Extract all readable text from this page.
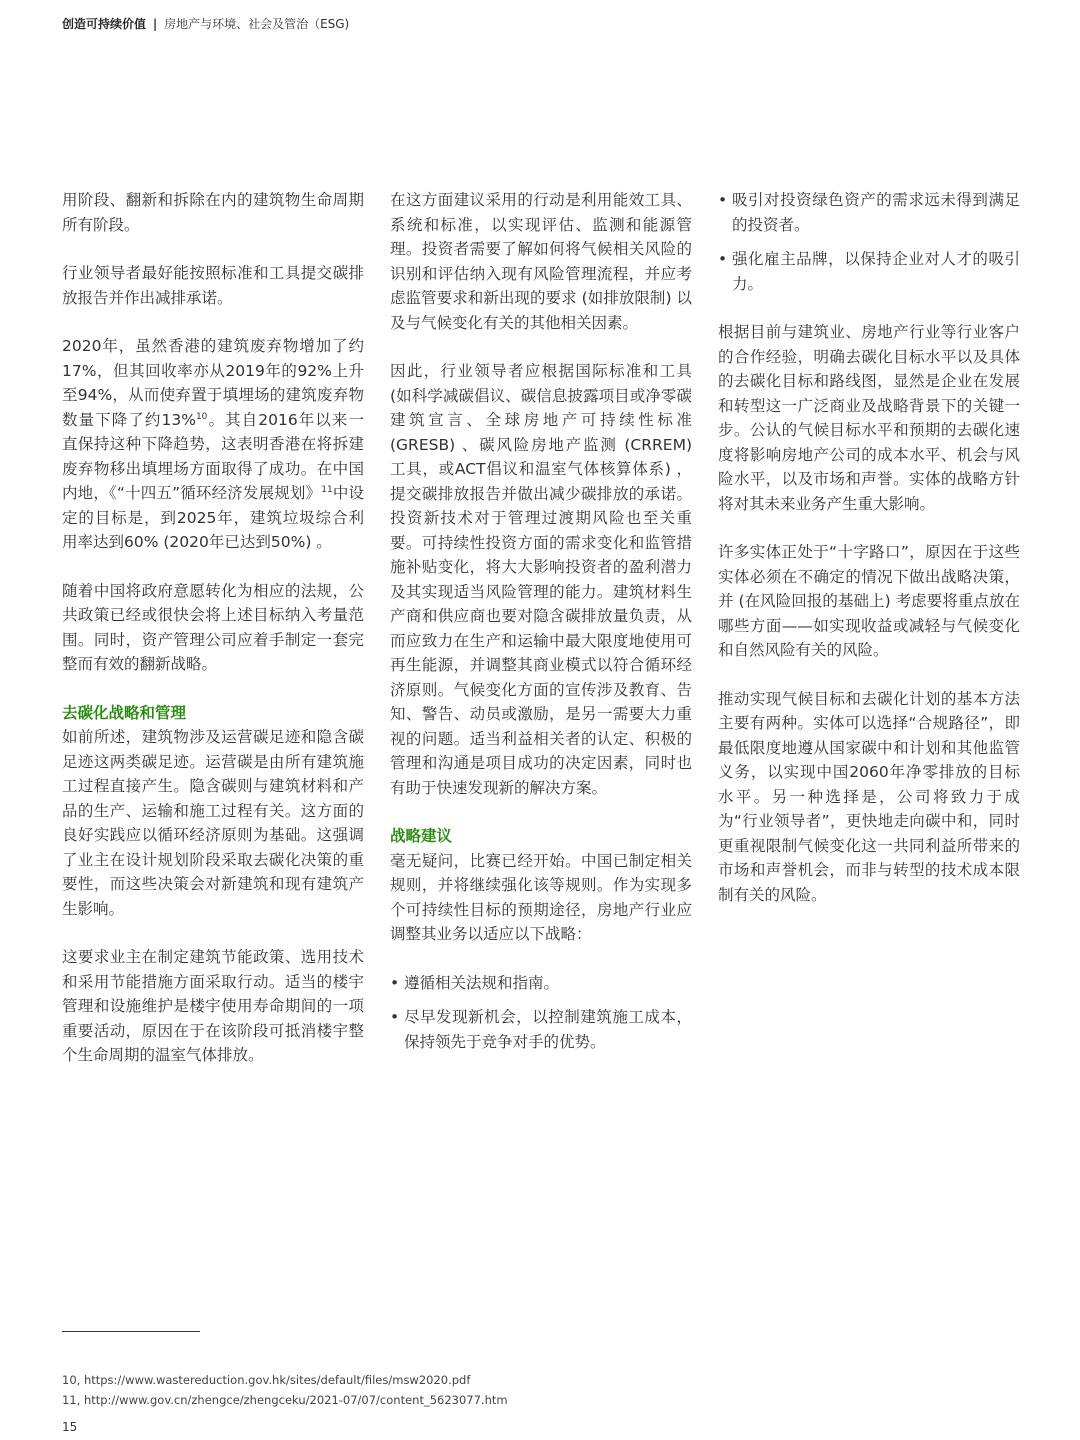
创造可持续价值 | 房地产与环境、社会及管治（ESG)

用阶段、翻新和拆除在内的建筑物生命周期所有阶段。

行业领导者最好能按照标准和工具提交碳排放报告并作出减排承诺。

2020年，虽然香港的建筑废弃物增加了约17%，但其回收率亦从2019年的92%上升至94%，从而使弃置于填埋场的建筑废弃物数量下降了约13%$^{10}$。其自2016年以来一直保持这种下降趋势，这表明香港在将拆建废弃物移出填埋场方面取得了成功。在中国内地，《“十四五”循环经济发展规划》$^{11}$中设定的目标是，到2025年，建筑垃圾综合利用率达到60% (2020年已达到50%) 。

随着中国将政府意愿转化为相应的法规，公共政策已经或很快会将上述目标纳入考量范围。同时，资产管理公司应着手制定一套完整而有效的翻新战略。

去碳化战略和管理

如前所述，建筑物涉及运营碳足迹和隐含碳足迹这两类碳足迹。运营碳是由所有建筑施工过程直接产生。隐含碳则与建筑材料和产品的生产、运输和施工过程有关。这方面的良好实践应以循环经济原则为基础。这强调了业主在设计规划阶段采取去碳化决策的重要性，而这些决策会对新建筑和现有建筑产生影响。

这要求业主在制定建筑节能政策、选用技术和采用节能措施方面采取行动。适当的楼宇管理和设施维护是楼宇使用寿命期间的一项重要活动，原因在于在该阶段可抵消楼宇整个生命周期的温室气体排放。

在这方面建议采用的行动是利用能效工具、系统和标准，以实现评估、监测和能源管理。投资者需要了解如何将气候相关风险的识别和评估纳入现有风险管理流程，并应考虑监管要求和新出现的要求 (如排放限制) 以及与气候变化有关的其他相关因素。

因此，行业领导者应根据国际标准和工具 (如科学减碳倡议、碳信息披露项目或净零碳建筑宣言、全球房地产可持续性标准 (GRESB) 、碳风险房地产监测 (CRREM) 工具，或ACT倡议和温室气体核算体系) ，提交碳排放报告并做出减少碳排放的承诺。投资新技术对于管理过渡期风险也至关重要。可持续性投资方面的需求变化和监管措施补贴变化，将大大影响投资者的盈利潜力及其实现适当风险管理的能力。建筑材料生产商和供应商也要对隐含碳排放量负责，从而应致力在生产和运输中最大限度地使用可再生能源，并调整其商业模式以符合循环经济原则。气候变化方面的宣传涉及教育、告知、警告、动员或激励，是另一需要大力重视的问题。适当利益相关者的认定、积极的管理和沟通是项目成功的决定因素，同时也有助于快速发现新的解决方案。

战略建议

毫无疑问，比赛已经开始。中国已制定相关规则，并将继续强化该等规则。作为实现多个可持续性目标的预期途径，房地产行业应调整其业务以适应以下战略：

• 遵循相关法规和指南。
• 尽早发现新机会，以控制建筑施工成本，保持领先于竞争对手的优势。
• 吸引对投资绿色资产的需求远未得到满足的投资者。
• 强化雇主品牌，以保持企业对人才的吸引力。

根据目前与建筑业、房地产行业等行业客户的合作经验，明确去碳化目标水平以及具体的去碳化目标和路线图，显然是企业在发展和转型这一广泛商业及战略背景下的关键一步。公认的气候目标水平和预期的去碳化速度将影响房地产公司的成本水平、机会与风险水平，以及市场和声誉。实体的战略方针将对其未来业务产生重大影响。

许多实体正处于“十字路口”，原因在于这些实体必须在不确定的情况下做出战略决策，并 (在风险回报的基础上) 考虑要将重点放在哪些方面——如实现收益或减轻与气候变化和自然风险有关的风险。

推动实现气候目标和去碳化计划的基本方法主要有两种。实体可以选择“合规路径”，即最低限度地遵从国家碳中和计划和其他监管义务，以实现中国2060年净零排放的目标水平。另一种选择是，公司将致力于成为“行业领导者”，更快地走向碳中和，同时更重视限制气候变化这一共同利益所带来的市场和声誉机会，而非与转型的技术成本限制有关的风险。

10, https://www.wastereduction.gov.hk/sites/default/files/msw2020.pdf
11, http://www.gov.cn/zhengce/zhengceku/2021-07/07/content_5623077.htm
15
